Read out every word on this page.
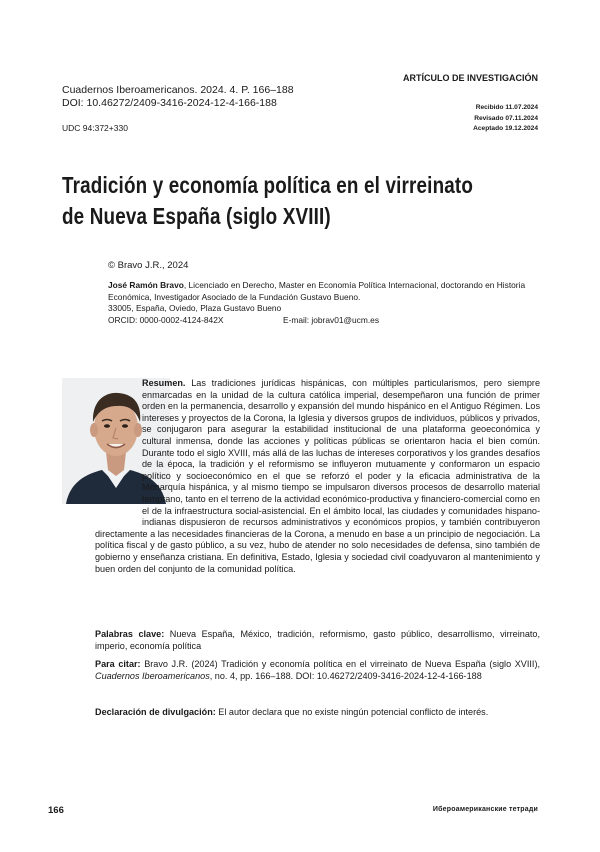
Cuadernos Iberoamericanos. 2024. 4. P. 166–188
DOI: 10.46272/2409-3416-2024-12-4-166-188
UDC 94:372+330
АRTÍCULO DE INVESTIGACIÓN
Recibido 11.07.2024
Revisado 07.11.2024
Aceptado 19.12.2024
Tradición y economía política en el virreinato
de Nueva España (siglo XVIII)
© Bravo J.R., 2024
José Ramón Bravo, Licenciado en Derecho, Master en Economía Política Internacional, doctorando en Historia Económica, Investigador Asociado de la Fundación Gustavo Bueno.
33005, España, Oviedo, Plaza Gustavo Bueno
ORCID: 0000-0002-4124-842X	E-mail: jobrav01@ucm.es
Resumen. Las tradiciones jurídicas hispánicas, con múltiples particularismos, pero siempre enmarcadas en la unidad de la cultura católica imperial, desempeñaron una función de primer orden en la permanencia, desarrollo y expansión del mundo hispánico en el Antiguo Régimen. Los intereses y proyectos de la Corona, la Iglesia y diversos grupos de individuos, públicos y privados, se conjugaron para asegurar la estabilidad institucional de una plataforma geoeconómica y cultural inmensa, donde las acciones y políticas públicas se orientaron hacia el bien común. Durante todo el siglo XVIII, más allá de las luchas de intereses corporativos y los grandes desafíos de la época, la tradición y el reformismo se influyeron mutuamente y conformaron un espacio político y socioeconómico en el que se reforzó el poder y la eficacia administrativa de la Monarquía hispánica, y al mismo tiempo se impulsaron diversos procesos de desarrollo material temprano, tanto en el terreno de la actividad económico-productiva y financiero-comercial como en el de la infraestructura social-asistencial. En el ámbito local, las ciudades y comunidades hispano-indianas dispusieron de recursos administrativos y económicos propios, y también contribuyeron directamente a las necesidades financieras de la Corona, a menudo en base a un principio de negociación. La política fiscal y de gasto público, a su vez, hubo de atender no solo necesidades de defensa, sino también de gobierno y enseñanza cristiana. En definitiva, Estado, Iglesia y sociedad civil coadyuvaron al mantenimiento y buen orden del conjunto de la comunidad política.
Palabras clave: Nueva España, México, tradición, reformismo, gasto público, desarrollismo, virreinato, imperio, economía política
Para citar: Bravo J.R. (2024) Tradición y economía política en el virreinato de Nueva España (siglo XVIII), Cuadernos Iberoamericanos, no. 4, pp. 166–188. DOI: 10.46272/2409-3416-2024-12-4-166-188
Declaración de divulgación: El autor declara que no existe ningún potencial conflicto de interés.
166	Ибероамериканские тетради
